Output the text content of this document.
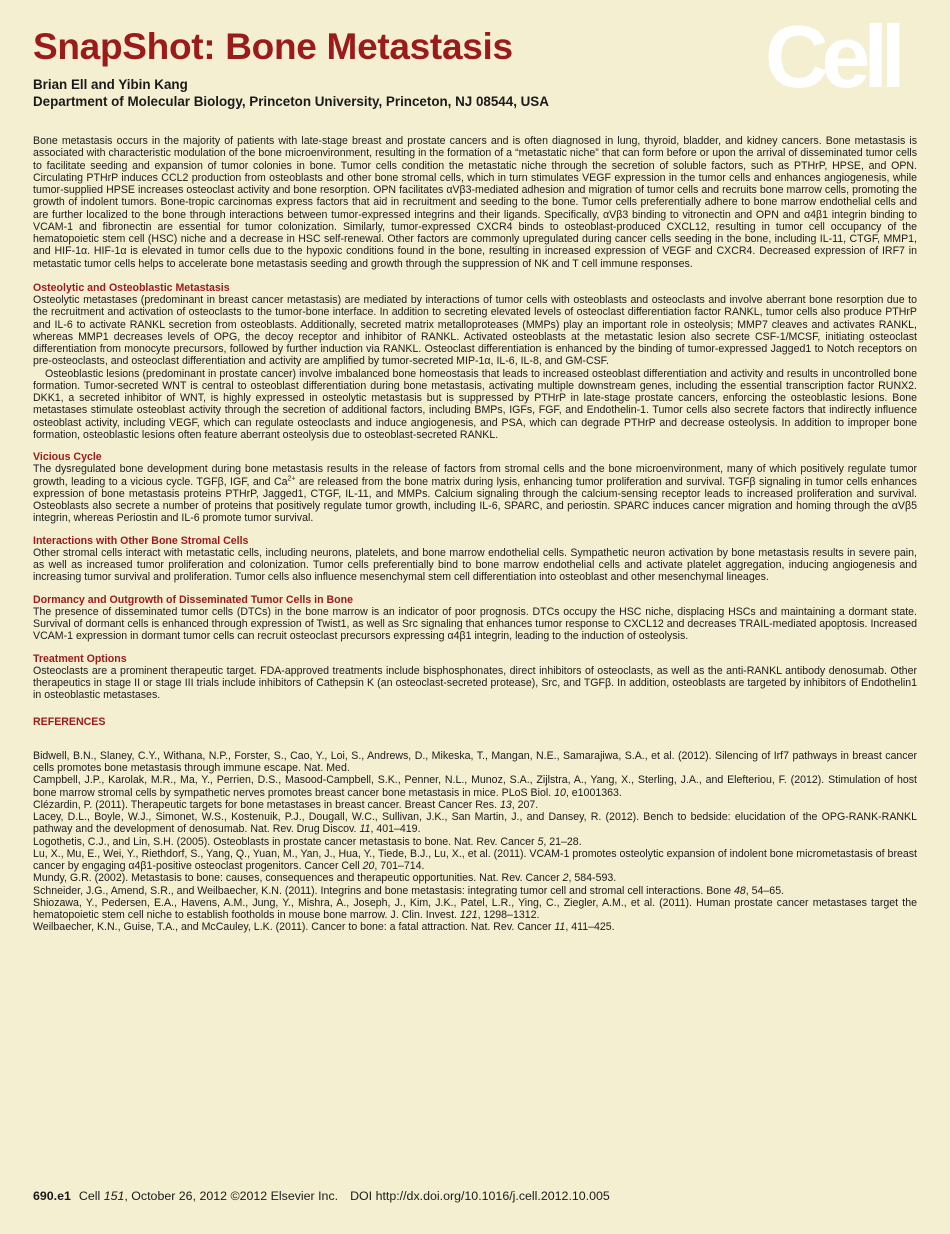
SnapShot: Bone Metastasis
Brian Ell and Yibin Kang
Department of Molecular Biology, Princeton University, Princeton, NJ 08544, USA Cell

Bone metastasis occurs in the majority of patients with late-stage breast and prostate cancers and is often diagnosed in lung, thyroid, bladder, and kidney cancers. Bone metastasis is associated with characteristic modulation of the bone microenvironment, resulting in the formation of a “metastatic niche” that can form before or upon the arrival of disseminated tumor cells to facilitate seeding and expansion of tumor colonies in bone. Tumor cells condition the metastatic niche through the secretion of soluble factors, such as PTHrP, HPSE, and OPN. Circulating PTHrP induces CCL2 production from osteoblasts and other bone stromal cells, which in turn stimulates VEGF expression in the tumor cells and enhances angiogenesis, while tumor-supplied HPSE increases osteoclast activity and bone resorption. OPN facilitates αVβ3-mediated adhesion and migration of tumor cells and recruits bone marrow cells, promoting the growth of indolent tumors. Bone-tropic carcinomas express factors that aid in recruitment and seeding to the bone. Tumor cells preferentially adhere to bone marrow endothelial cells and are further localized to the bone through interactions between tumor-expressed integrins and their ligands. Specifically, αVβ3 binding to vitronectin and OPN and α4β1 integrin binding to VCAM-1 and fibronectin are essential for tumor colonization. Similarly, tumor-expressed CXCR4 binds to osteoblast-produced CXCL12, resulting in tumor cell occupancy of the hematopoietic stem cell (HSC) niche and a decrease in HSC self-renewal. Other factors are commonly upregulated during cancer cells seeding in the bone, including IL-11, CTGF, MMP1, and HIF-1α. HIF-1α is elevated in tumor cells due to the hypoxic conditions found in the bone, resulting in increased expression of VEGF and CXCR4. Decreased expression of IRF7 in metastatic tumor cells helps to accelerate bone metastasis seeding and growth through the suppression of NK and T cell immune responses.

Osteolytic and Osteoblastic Metastasis

Osteolytic metastases (predominant in breast cancer metastasis) are mediated by interactions of tumor cells with osteoblasts and osteoclasts and involve aberrant bone resorption due to the recruitment and activation of osteoclasts to the tumor-bone interface. In addition to secreting elevated levels of osteoclast differentiation factor RANKL, tumor cells also produce PTHrP and IL-6 to activate RANKL secretion from osteoblasts. Additionally, secreted matrix metalloproteases (MMPs) play an important role in osteolysis; MMP7 cleaves and activates RANKL, whereas MMP1 decreases levels of OPG, the decoy receptor and inhibitor of RANKL. Activated osteoblasts at the metastatic lesion also secrete CSF-1/MCSF, initiating osteoclast differentiation from monocyte precursors, followed by further induction via RANKL. Osteoclast differentiation is enhanced by the binding of tumor-expressed Jagged1 to Notch receptors on pre-osteoclasts, and osteoclast differentiation and activity are amplified by tumor-secreted MIP-1α, IL-6, IL-8, and GM-CSF.

Osteoblastic lesions (predominant in prostate cancer) involve imbalanced bone homeostasis that leads to increased osteoblast differentiation and activity and results in uncontrolled bone formation. Tumor-secreted WNT is central to osteoblast differentiation during bone metastasis, activating multiple downstream genes, including the essential transcription factor RUNX2. DKK1, a secreted inhibitor of WNT, is highly expressed in osteolytic metastasis but is suppressed by PTHrP in late-stage prostate cancers, enforcing the osteoblastic lesions. Bone metastases stimulate osteoblast activity through the secretion of additional factors, including BMPs, IGFs, FGF, and Endothelin-1. Tumor cells also secrete factors that indirectly influence osteoblast activity, including VEGF, which can regulate osteoclasts and induce angiogenesis, and PSA, which can degrade PTHrP and decrease osteolysis. In addition to improper bone formation, osteoblastic lesions often feature aberrant osteolysis due to osteoblast-secreted RANKL.

Vicious Cycle

The dysregulated bone development during bone metastasis results in the release of factors from stromal cells and the bone microenvironment, many of which positively regulate tumor growth, leading to a vicious cycle. TGFβ, IGF, and $Ca^{2+}$ are released from the bone matrix during lysis, enhancing tumor proliferation and survival. TGFβ signaling in tumor cells enhances expression of bone metastasis proteins PTHrP, Jagged1, CTGF, IL-11, and MMPs. Calcium signaling through the calcium-sensing receptor leads to increased proliferation and survival. Osteoblasts also secrete a number of proteins that positively regulate tumor growth, including IL-6, SPARC, and periostin. SPARC induces cancer migration and homing through the αVβ5 integrin, whereas Periostin and IL-6 promote tumor survival.

Interactions with Other Bone Stromal Cells

Other stromal cells interact with metastatic cells, including neurons, platelets, and bone marrow endothelial cells. Sympathetic neuron activation by bone metastasis results in severe pain, as well as increased tumor proliferation and colonization. Tumor cells preferentially bind to bone marrow endothelial cells and activate platelet aggregation, inducing angiogenesis and increasing tumor survival and proliferation. Tumor cells also influence mesenchymal stem cell differentiation into osteoblast and other mesenchymal lineages.

Dormancy and Outgrowth of Disseminated Tumor Cells in Bone

The presence of disseminated tumor cells (DTCs) in the bone marrow is an indicator of poor prognosis. DTCs occupy the HSC niche, displacing HSCs and maintaining a dormant state. Survival of dormant cells is enhanced through expression of Twist1, as well as Src signaling that enhances tumor response to CXCL12 and decreases TRAIL-mediated apoptosis. Increased VCAM-1 expression in dormant tumor cells can recruit osteoclast precursors expressing α4β1 integrin, leading to the induction of osteolysis.

Treatment Options

Osteoclasts are a prominent therapeutic target. FDA-approved treatments include bisphosphonates, direct inhibitors of osteoclasts, as well as the anti-RANKL antibody denosumab. Other therapeutics in stage II or stage III trials include inhibitors of Cathepsin K (an osteoclast-secreted protease), Src, and TGFβ. In addition, osteoblasts are targeted by inhibitors of Endothelin1 in osteoblastic metastases.

REFERENCES

Bidwell, B.N., Slaney, C.Y., Withana, N.P., Forster, S., Cao, Y., Loi, S., Andrews, D., Mikeska, T., Mangan, N.E., Samarajiwa, S.A., et al. (2012). Silencing of Irf7 pathways in breast cancer cells promotes bone metastasis through immune escape. Nat. Med.

Campbell, J.P., Karolak, M.R., Ma, Y., Perrien, D.S., Masood-Campbell, S.K., Penner, N.L., Munoz, S.A., Zijlstra, A., Yang, X., Sterling, J.A., and Elefteriou, F. (2012). Stimulation of host bone marrow stromal cells by sympathetic nerves promotes breast cancer bone metastasis in mice. PLoS Biol. 10, e1001363.

Clézardin, P. (2011). Therapeutic targets for bone metastases in breast cancer. Breast Cancer Res. 13, 207.

Lacey, D.L., Boyle, W.J., Simonet, W.S., Kostenuik, P.J., Dougall, W.C., Sullivan, J.K., San Martin, J., and Dansey, R. (2012). Bench to bedside: elucidation of the OPG-RANK-RANKL pathway and the development of denosumab. Nat. Rev. Drug Discov. 11, 401–419.

Logothetis, C.J., and Lin, S.H. (2005). Osteoblasts in prostate cancer metastasis to bone. Nat. Rev. Cancer 5, 21–28.

Lu, X., Mu, E., Wei, Y., Riethdorf, S., Yang, Q., Yuan, M., Yan, J., Hua, Y., Tiede, B.J., Lu, X., et al. (2011). VCAM-1 promotes osteolytic expansion of indolent bone micrometastasis of breast cancer by engaging α4β1-positive osteoclast progenitors. Cancer Cell 20, 701–714.

Mundy, G.R. (2002). Metastasis to bone: causes, consequences and therapeutic opportunities. Nat. Rev. Cancer 2, 584-593.

Schneider, J.G., Amend, S.R., and Weilbaecher, K.N. (2011). Integrins and bone metastasis: integrating tumor cell and stromal cell interactions. Bone 48, 54–65.

Shiozawa, Y., Pedersen, E.A., Havens, A.M., Jung, Y., Mishra, A., Joseph, J., Kim, J.K., Patel, L.R., Ying, C., Ziegler, A.M., et al. (2011). Human prostate cancer metastases target the hematopoietic stem cell niche to establish footholds in mouse bone marrow. J. Clin. Invest. 121, 1298–1312.

Weilbaecher, K.N., Guise, T.A., and McCauley, L.K. (2011). Cancer to bone: a fatal attraction. Nat. Rev. Cancer 11, 411–425.

690.e1 Cell 151, October 26, 2012 ©2012 Elsevier Inc. DOI http://dx.doi.org/10.1016/j.cell.2012.10.005
